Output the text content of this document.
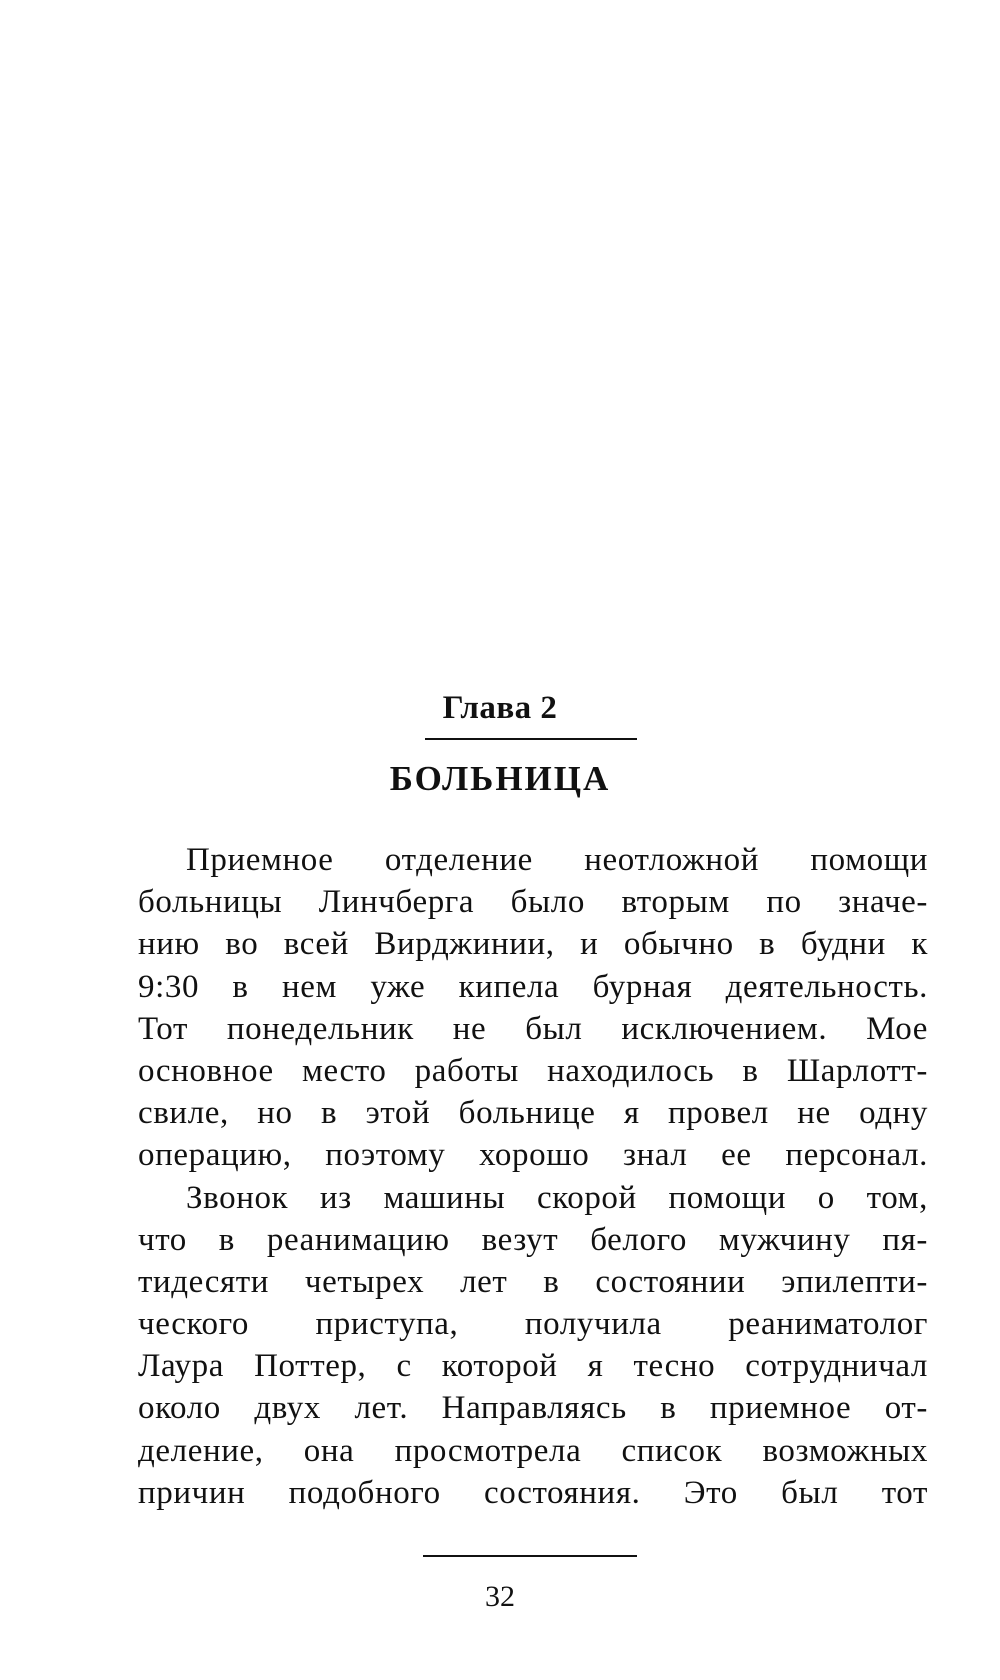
Глава 2
БОЛЬНИЦА
Приемное отделение неотложной помощи
больницы Линчберга было вторым по значе-
нию во всей Вирджинии, и обычно в будни к
9:30 в нем уже кипела бурная деятельность.
Тот понедельник не был исключением. Мое
основное место работы находилось в Шарлотт-
свиле, но в этой больнице я провел не одну
операцию, поэтому хорошо знал ее персонал.
Звонок из машины скорой помощи о том,
что в реанимацию везут белого мужчину пя-
тидесяти четырех лет в состоянии эпилепти-
ческого приступа, получила реаниматолог
Лаура Поттер, с которой я тесно сотрудничал
около двух лет. Направляясь в приемное от-
деление, она просмотрела список возможных
причин подобного состояния. Это был тот
32
